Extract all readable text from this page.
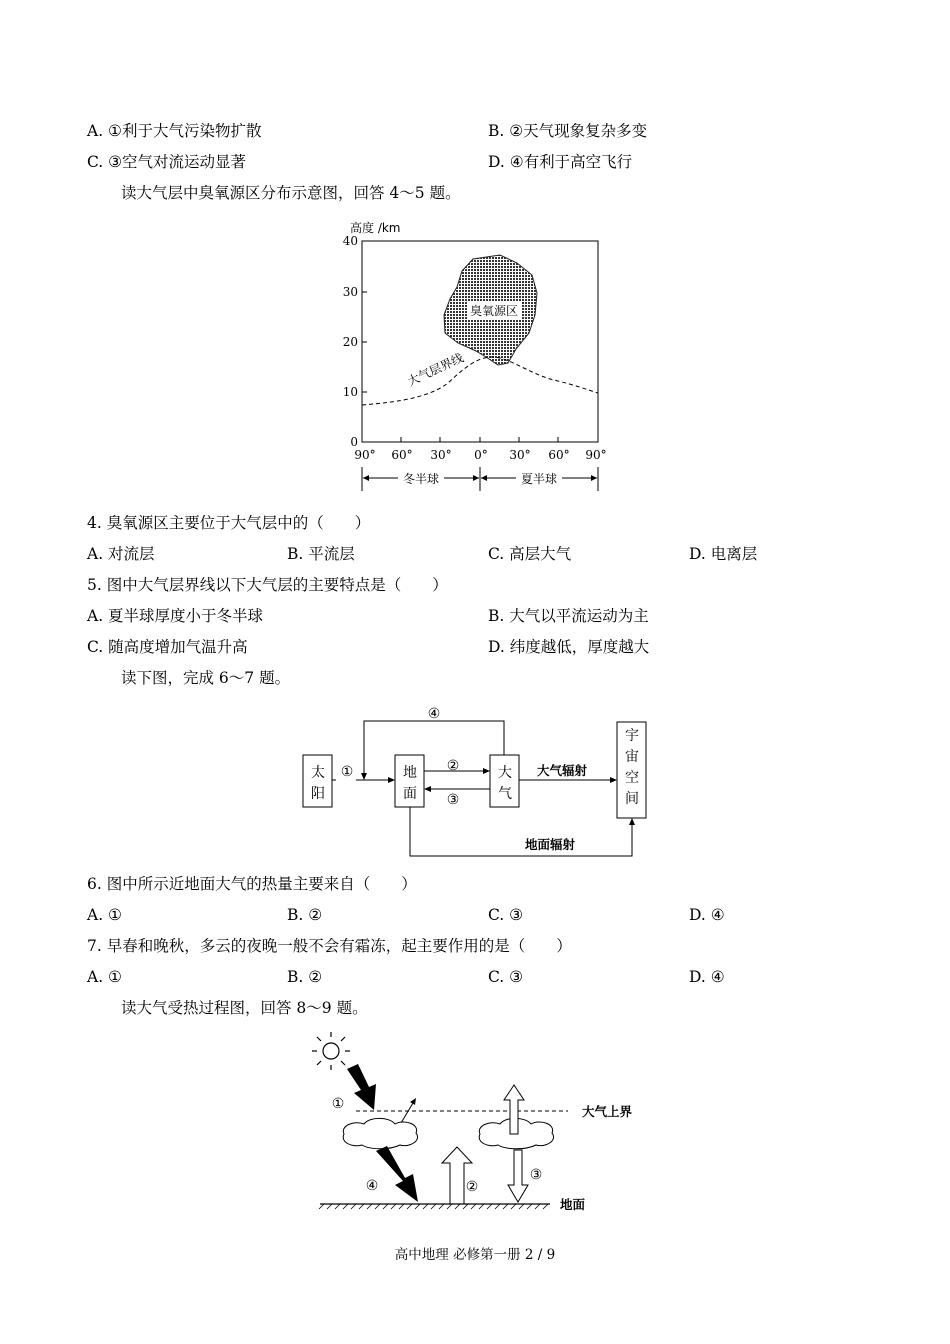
A. ①利于大气污染物扩散	B. ②天气现象复杂多变
C. ③空气对流运动显著	D. ④有利于高空飞行
读大气层中臭氧源区分布示意图，回答 4～5 题。
高度 /km
40
30
20
10
0
90° 60° 30° 0° 30° 60° 90°
臭氧源区
大气层界线
冬半球	夏半球
4. 臭氧源区主要位于大气层中的（　　）
A. 对流层	B. 平流层	C. 高层大气	D. 电离层
5. 图中大气层界线以下大气层的主要特点是（　　）
A. 夏半球厚度小于冬半球	B. 大气以平流运动为主
C. 随高度增加气温升高	D. 纬度越低，厚度越大
读下图，完成 6～7 题。
太
阳
地
面
大
气
宇
宙
空
间
①	②
③
④
大气辐射
地面辐射
6. 图中所示近地面大气的热量主要来自（　　）
A. ①	B. ②	C. ③	D. ④
7. 早春和晚秋，多云的夜晚一般不会有霜冻，起主要作用的是（　　）
A. ①	B. ②	C. ③	D. ④
读大气受热过程图，回答 8～9 题。
大气上界
④
①
②
③
地面
高中地理 必修第一册 2 / 9
